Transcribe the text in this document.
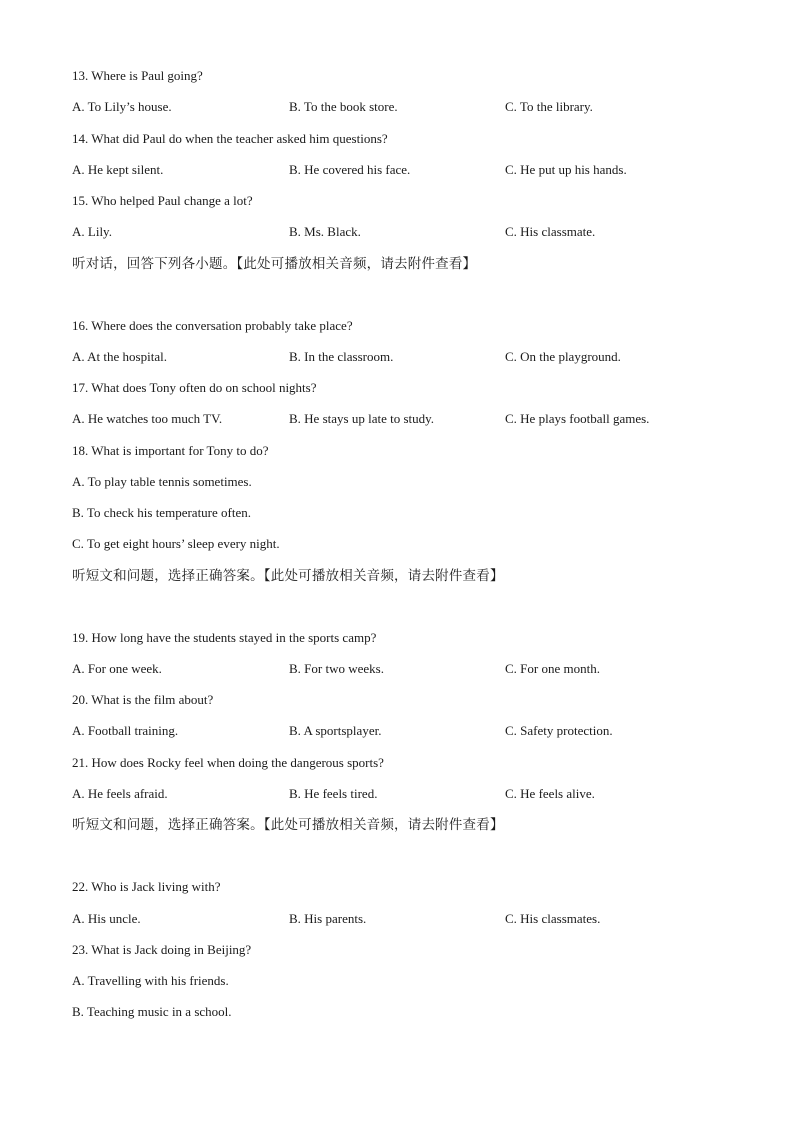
13. Where is Paul going?
A. To Lily’s house.	B. To the book store.	C. To the library.
14. What did Paul do when the teacher asked him questions?
A. He kept silent.	B. He covered his face.	C. He put up his hands.
15. Who helped Paul change a lot?
A. Lily.	B. Ms. Black.	C. His classmate.
听对话，回答下列各小题。【此处可播放相关音频，请去附件查看】
16. Where does the conversation probably take place?
A. At the hospital.	B. In the classroom.	C. On the playground.
17. What does Tony often do on school nights?
A. He watches too much TV.	B. He stays up late to study.	C. He plays football games.
18. What is important for Tony to do?
A. To play table tennis sometimes.
B. To check his temperature often.
C. To get eight hours’ sleep every night.
听短文和问题，选择正确答案。【此处可播放相关音频，请去附件查看】
19. How long have the students stayed in the sports camp?
A. For one week.	B. For two weeks.	C. For one month.
20. What is the film about?
A. Football training.	B. A sportsplayer.	C. Safety protection.
21. How does Rocky feel when doing the dangerous sports?
A. He feels afraid.	B. He feels tired.	C. He feels alive.
听短文和问题，选择正确答案。【此处可播放相关音频，请去附件查看】
22. Who is Jack living with?
A. His uncle.	B. His parents.	C. His classmates.
23. What is Jack doing in Beijing?
A. Travelling with his friends.
B. Teaching music in a school.
